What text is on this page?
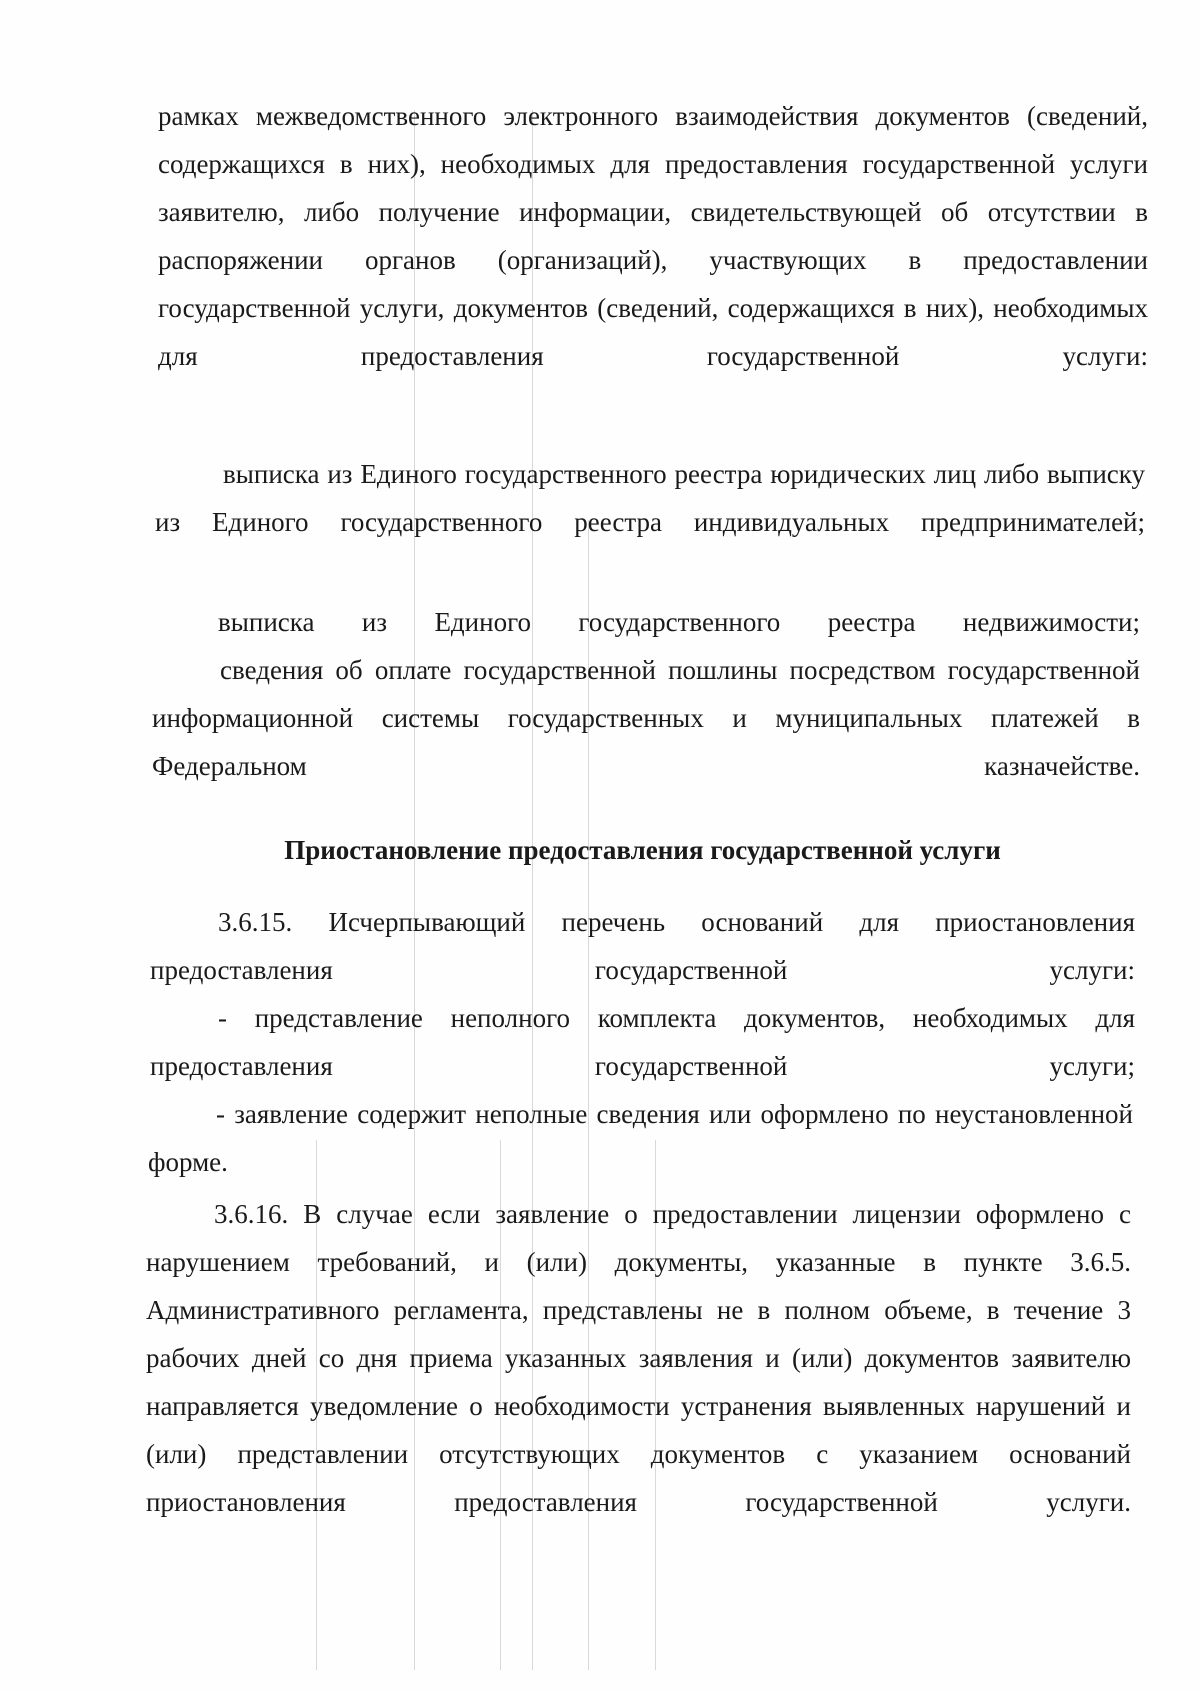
рамках межведомственного электронного взаимодействия документов (сведений, содержащихся в них), необходимых для предоставления государственной услуги заявителю, либо получение информации, свидетельствующей об отсутствии в распоряжении органов (организаций), участвующих в предоставлении государственной услуги, документов (сведений, содержащихся в них), необходимых для предоставления государственной услуги:

выписка из Единого государственного реестра юридических лиц либо выписку из Единого государственного реестра индивидуальных предпринимателей;

выписка из Единого государственного реестра недвижимости;

сведения об оплате государственной пошлины посредством государственной информационной системы государственных и муниципальных платежей в Федеральном казначействе.

Приостановление предоставления государственной услуги

3.6.15. Исчерпывающий перечень оснований для приостановления предоставления государственной услуги:

- представление неполного комплекта документов, необходимых для предоставления государственной услуги;

- заявление содержит неполные сведения или оформлено по неустановленной форме.

3.6.16. В случае если заявление о предоставлении лицензии оформлено с нарушением требований, и (или) документы, указанные в пункте 3.6.5. Административного регламента, представлены не в полном объеме, в течение 3 рабочих дней со дня приема указанных заявления и (или) документов заявителю направляется уведомление о необходимости устранения выявленных нарушений и (или) представлении отсутствующих документов с указанием оснований приостановления предоставления государственной услуги.
